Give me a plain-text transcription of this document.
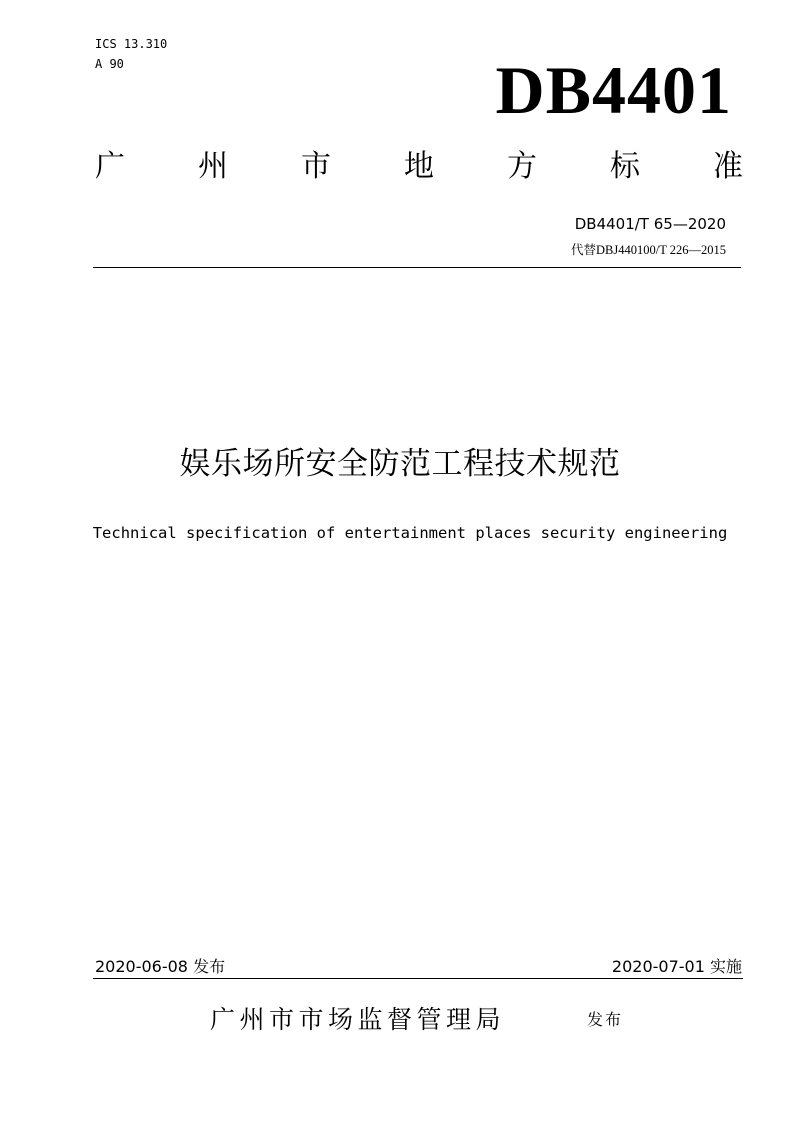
ICS 13.310
A 90	DB4401
广 州 市 地 方 标 准
DB4401/T 65—2020
代替DBJ440100/T 226—2015
娱乐场所安全防范工程技术规范
Technical specification of entertainment places security engineering
2020-06-08 发布	2020-07-01 实施
广州市市场监督管理局	发布
